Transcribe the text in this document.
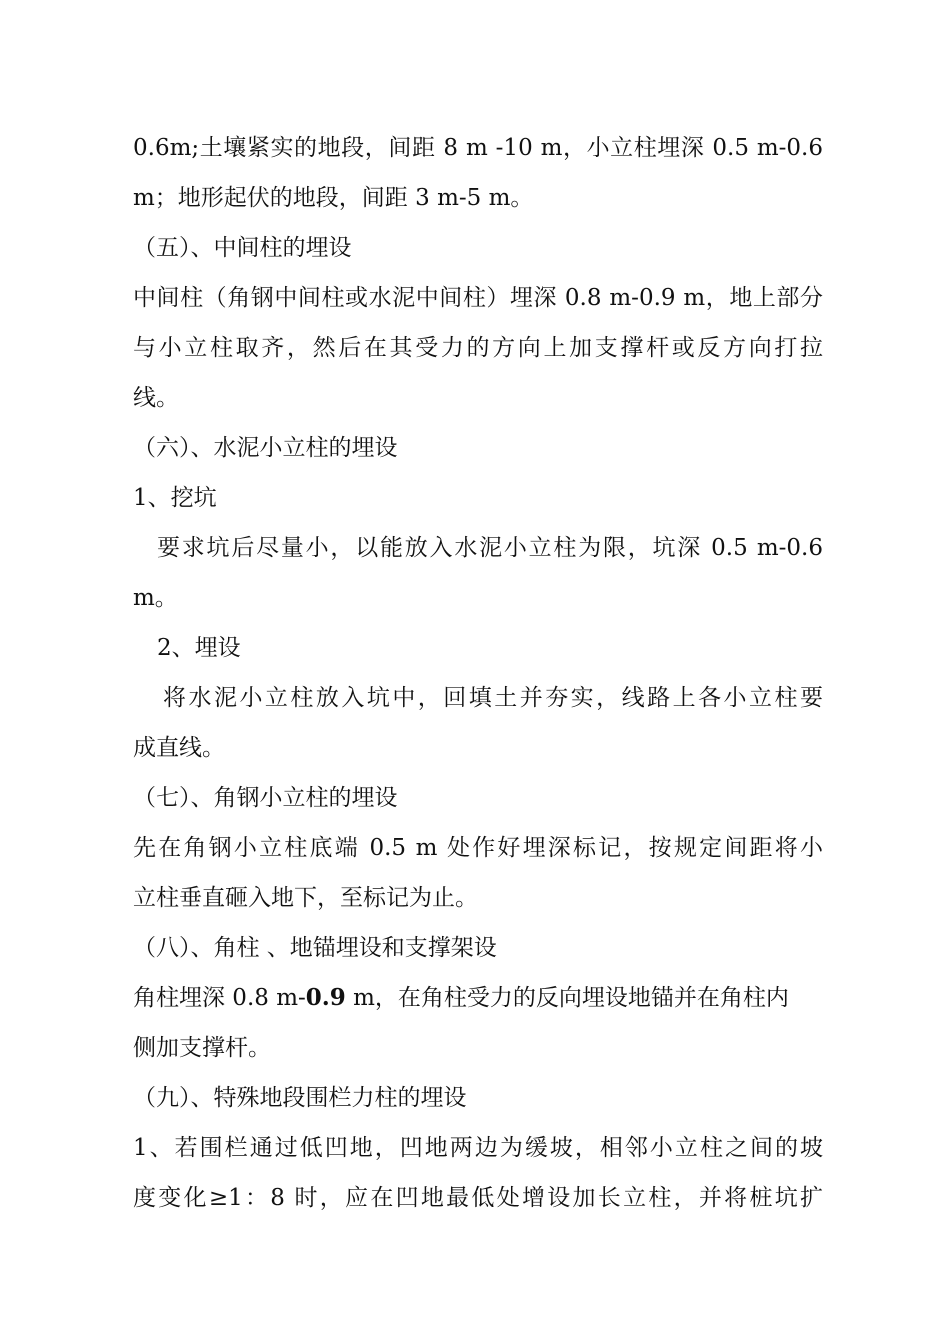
0.6m;土壤紧实的地段，间距 8 m -10 m，小立柱埋深 0.5 m-0.6
m；地形起伏的地段，间距 3 m-5 m。
（五）、中间柱的埋设
中间柱（角钢中间柱或水泥中间柱）埋深 0.8 m-0.9 m，地上部分
与小立柱取齐，然后在其受力的方向上加支撑杆或反方向打拉
线。
（六）、水泥小立柱的埋设
1、挖坑
要求坑后尽量小，以能放入水泥小立柱为限，坑深 0.5 m-0.6
m。
2、埋设
将水泥小立柱放入坑中，回填土并夯实，线路上各小立柱要
成直线。
（七）、角钢小立柱的埋设
先在角钢小立柱底端 0.5 m 处作好埋深标记，按规定间距将小
立柱垂直砸入地下，至标记为止。
（八）、角柱 、地锚埋设和支撑架设
角柱埋深 0.8 m-0.9 m，在角柱受力的反向埋设地锚并在角柱内
侧加支撑杆。
（九）、特殊地段围栏力柱的埋设
1、若围栏通过低凹地，凹地两边为缓坡，相邻小立柱之间的坡
度变化≥1：8 时，应在凹地最低处增设加长立柱，并将桩坑扩
